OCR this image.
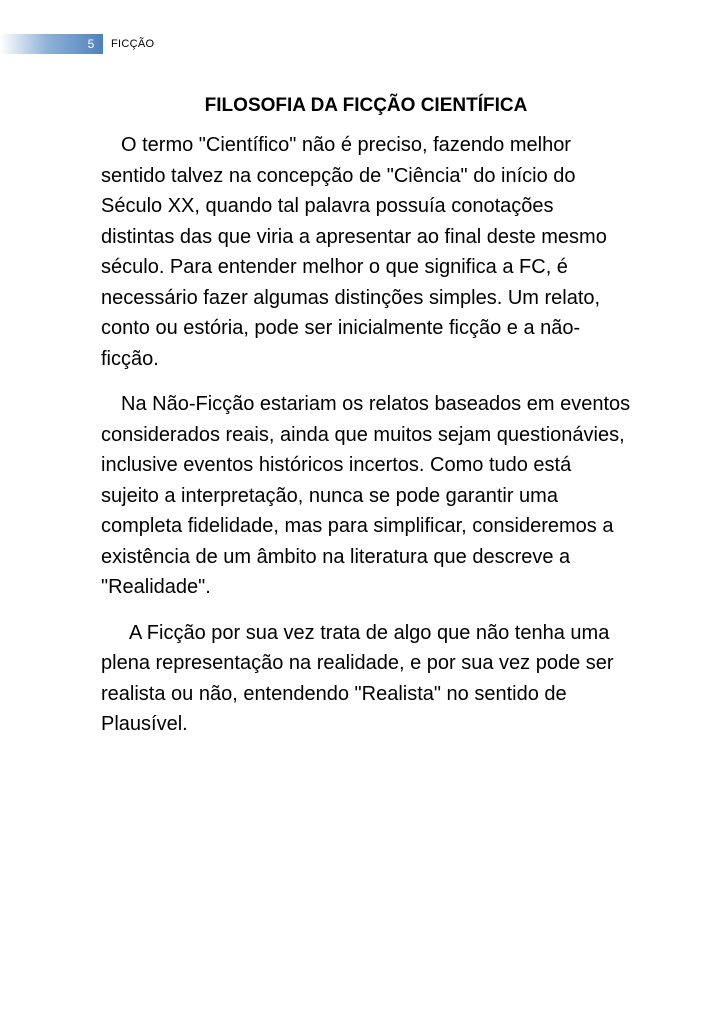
5	FICÇÃO
FILOSOFIA DA FICÇÃO CIENTÍFICA

O termo "Científico" não é preciso, fazendo melhor sentido talvez na concepção de "Ciência" do início do Século XX, quando tal palavra possuía conotações distintas das que viria a apresentar ao final deste mesmo século. Para entender melhor o que significa a FC, é necessário fazer algumas distinções simples. Um relato, conto ou estória, pode ser inicialmente ficção e a não-ficção.

Na Não-Ficção estariam os relatos baseados em eventos considerados reais, ainda que muitos sejam questionávies, inclusive eventos históricos incertos. Como tudo está sujeito a interpretação, nunca se pode garantir uma completa fidelidade, mas para simplificar, consideremos a existência de um âmbito na literatura que descreve a "Realidade".

A Ficção por sua vez trata de algo que não tenha uma plena representação na realidade, e por sua vez pode ser realista ou não, entendendo "Realista" no sentido de Plausível.
